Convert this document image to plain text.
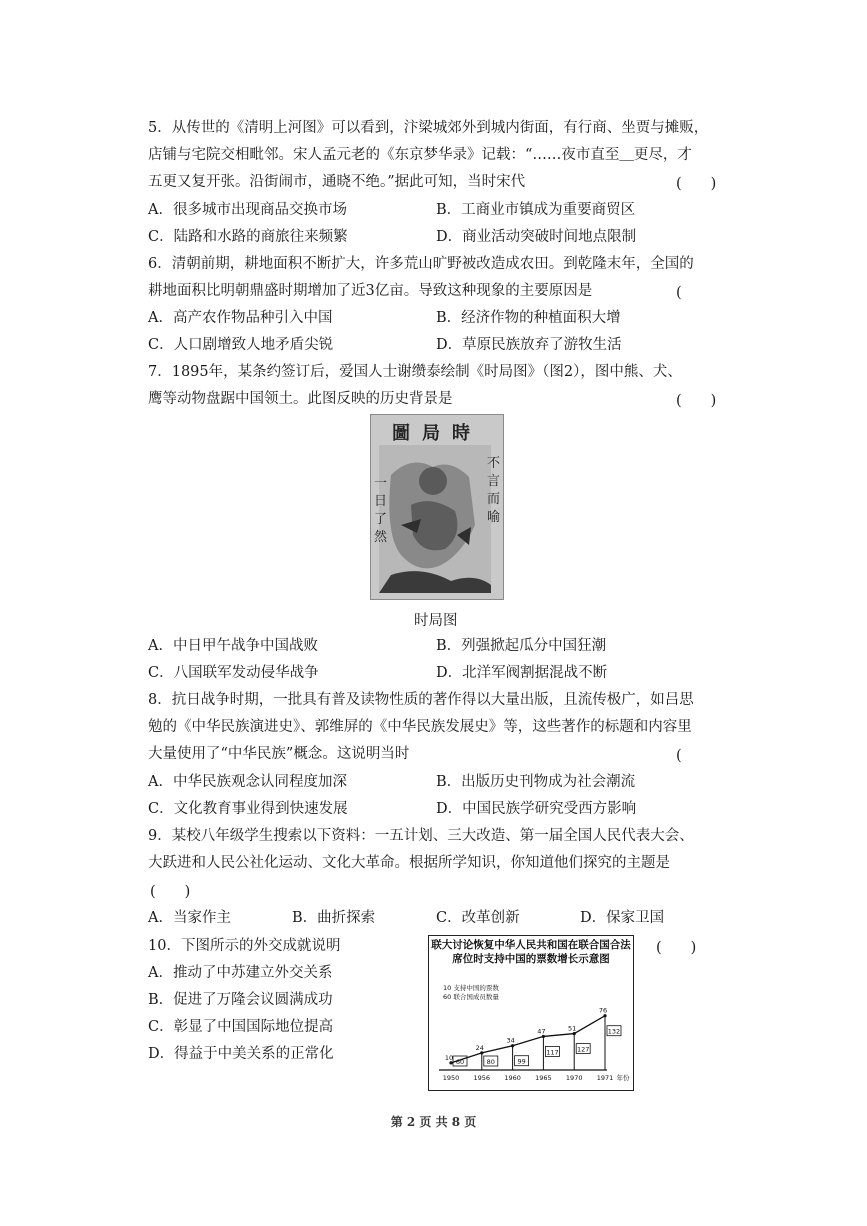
5．从传世的《清明上河图》可以看到，汴梁城郊外到城内街面，有行商、坐贾与摊贩，
店铺与宅院交相毗邻。宋人孟元老的《东京梦华录》记载：“……夜市直至＿更尽，才
五更又复开张。沿街闹市，通晓不绝。”据此可知，当时宋代	(　　)
A．很多城市出现商品交换市场	B．工商业市镇成为重要商贸区
C．陆路和水路的商旅往来频繁	D．商业活动突破时间地点限制
6．清朝前期，耕地面积不断扩大，许多荒山旷野被改造成农田。到乾隆末年，全国的
耕地面积比明朝鼎盛时期增加了近3亿亩。导致这种现象的主要原因是	(　　
A．高产农作物品种引入中国	B．经济作物的种植面积大增
C．人口剧增致人地矛盾尖锐	D．草原民族放弃了游牧生活
7．1895年，某条约签订后，爱国人士谢缵泰绘制《时局图》（图2），图中熊、犬、
鹰等动物盘踞中国领土。此图反映的历史背景是	(　　)
圖局時
不言而喻
一日了然
时局图
A．中日甲午战争中国战败	B．列强掀起瓜分中国狂潮
C．八国联军发动侵华战争	D．北洋军阀割据混战不断
8．抗日战争时期，一批具有普及读物性质的著作得以大量出版，且流传极广，如吕思
勉的《中华民族演进史》、郭维屏的《中华民族发展史》等，这些著作的标题和内容里
大量使用了“中华民族”概念。这说明当时	(　　
A．中华民族观念认同程度加深	B．出版历史刊物成为社会潮流
C．文化教育事业得到快速发展	D．中国民族学研究受西方影响
9．某校八年级学生搜索以下资料：一五计划、三大改造、第一届全国人民代表大会、
大跃进和人民公社化运动、文化大革命。根据所学知识，你知道他们探究的主题是
(　　)
A．当家作主	B．曲折探索	C．改革创新	D．保家卫国
10．下图所示的外交成就说明	(　　)
A．推动了中苏建立外交关系
B．促进了万隆会议圆满成功
C．彰显了中国国际地位提高
D．得益于中美关系的正常化
联大讨论恢复中华人民共和国在联合国合法席位时支持中国的票数增长示意图
10 支持中国的票数
60 联合国成员数量
60	80	99
117	127
132
10
24
34
47	51
76
1950 1956 1960 1965 1970 1971 年份
第 2 页 共 8 页
